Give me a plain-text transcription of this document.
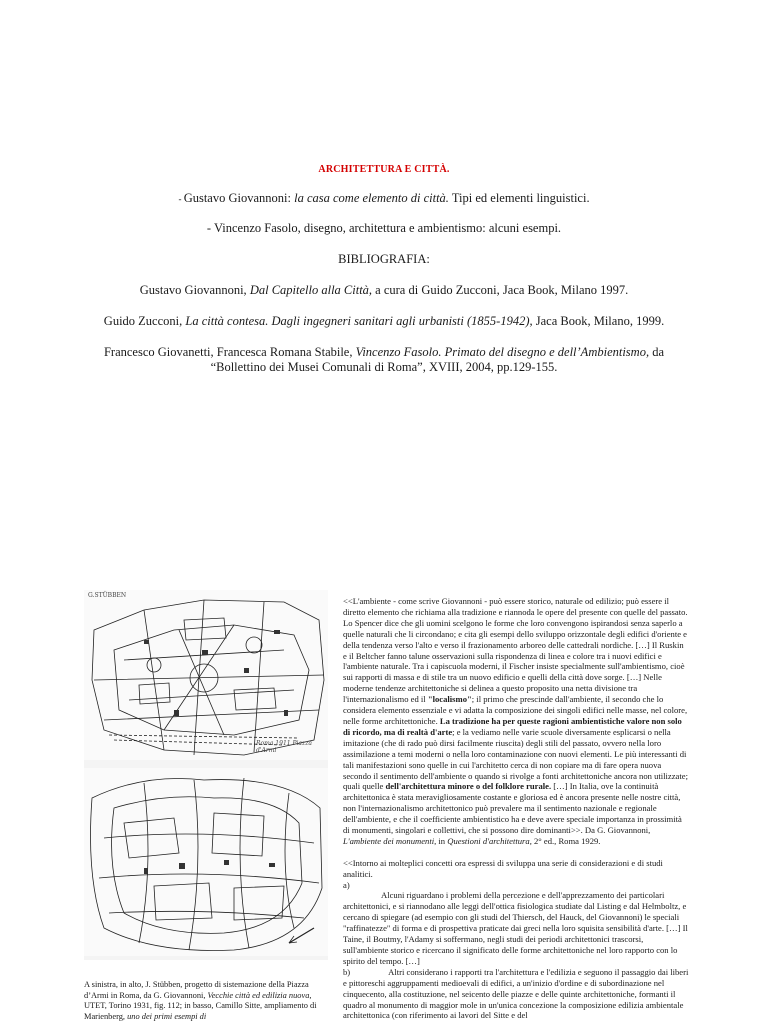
ARCHITETTURA E CITTÀ.
- Gustavo Giovannoni: la casa come elemento di città. Tipi ed elementi linguistici.
- Vincenzo Fasolo, disegno, architettura e ambientismo: alcuni esempi.
BIBLIOGRAFIA:
Gustavo Giovannoni, Dal Capitello alla Città, a cura di Guido Zucconi, Jaca Book, Milano 1997.
Guido Zucconi, La città contesa. Dagli ingegneri sanitari agli urbanisti (1855-1942), Jaca Book, Milano, 1999.
Francesco Giovanetti, Francesca Romana Stabile, Vincenzo Fasolo. Primato del disegno e dell’Ambientismo, da
“Bollettino dei Musei Comunali di Roma”, XVIII, 2004, pp.129-155.
G.STÜBBEN
Roma 1911 Piazza d'Armi
A sinistra, in alto, J. Stübben, progetto di sistemazione della Piazza d’Armi in Roma, da G. Giovannoni, Vecchie città ed edilizia nuova, UTET, Torino 1931, fig. 112; in basso, Camillo Sitte, ampliamento di Marienberg, uno dei primi esempi di

<<L'ambiente - come scrive Giovannoni - può essere storico, naturale od edilizio; può essere il diretto elemento che richiama alla tradizione e riannoda le opere del presente con quelle del passato. Lo Spencer dice che gli uomini scelgono le forme che loro convengono ispirandosi senza saperlo a quelle naturali che li circondano; e cita gli esempi dello sviluppo orizzontale degli edifici d'oriente e della tendenza verso l'alto e verso il frazionamento arboreo delle cattedrali nordiche. […] Il Ruskin e il Beltcher fanno talune osservazioni sulla rispondenza di linea e colore tra i nuovi edifici e l'ambiente naturale. Tra i capiscuola moderni, il Fischer insiste specialmente sull'ambientismo, cioè sui rapporti di massa e di stile tra un nuovo edificio e quelli della città dove sorge. […] Nelle moderne tendenze architettoniche si delinea a questo proposito una netta divisione tra l'internazionalismo ed il "localismo"; il primo che prescinde dall'ambiente, il secondo che lo considera elemento essenziale e vi adatta la composizione dei singoli edifici nelle masse, nel colore, nelle forme architettoniche. La tradizione ha per queste ragioni ambientistiche valore non solo di ricordo, ma di realtà d'arte; e la vediamo nelle varie scuole diversamente esplicarsi o nella imitazione (che di rado può dirsi facilmente riuscita) degli stili del passato, ovvero nella loro assimilazione a temi moderni o nella loro contaminazione con nuovi elementi. Le più interessanti di tali manifestazioni sono quelle in cui l'architetto cerca di non copiare ma di fare opera nuova secondo il sentimento dell'ambiente o quando si rivolge a fonti architettoniche ancora non utilizzate; quali quelle dell'architettura minore o del folklore rurale. […] In Italia, ove la continuità architettonica è stata meravigliosamente costante e gloriosa ed è ancora presente nelle nostre città, non l'internazionalismo architettonico può prevalere ma il sentimento nazionale e regionale dell'ambiente, e che il coefficiente ambientistico ha e deve avere speciale importanza in prossimità di monumenti, singolari e collettivi, che si possono dire dominanti>>. Da G. Giovannoni, L'ambiente dei monumenti, in Questioni d'architettura, 2° ed., Roma 1929.

<<Intorno ai molteplici concetti ora espressi di sviluppa una serie di considerazioni e di studi analitici.

a)
Alcuni riguardano i problemi della percezione e dell'apprezzamento dei particolari architettonici, e si riannodano alle leggi dell'ottica fisiologica studiate dal Listing e dal Helmboltz, e cercano di spiegare (ad esempio con gli studi del Thiersch, del Hauck, del Giovannoni) le speciali "raffinatezze" di forma e di prospettiva praticate dai greci nella loro squisita sensibilità d'arte. […] Il Taine, il Boutmy, l'Adamy si soffermano, negli studi dei periodi architettonici trascorsi, sull'ambiente storico e ricercano il significato delle forme architettoniche nel loro rapporto con lo spirito del tempo. […]

b)	Altri considerano i rapporti tra l'architettura e l'edilizia e seguono il passaggio dai liberi e pittoreschi aggruppamenti medioevali di edifici, a un'inizio d'ordine e di subordinazione nel cinquecento, alla costituzione, nel seicento delle piazze e delle quinte architettoniche, formanti il quadro al monumento di maggior mole in un'unica concezione la composizione edilizia ambientale architettonica (con riferimento ai lavori del Sitte e del
